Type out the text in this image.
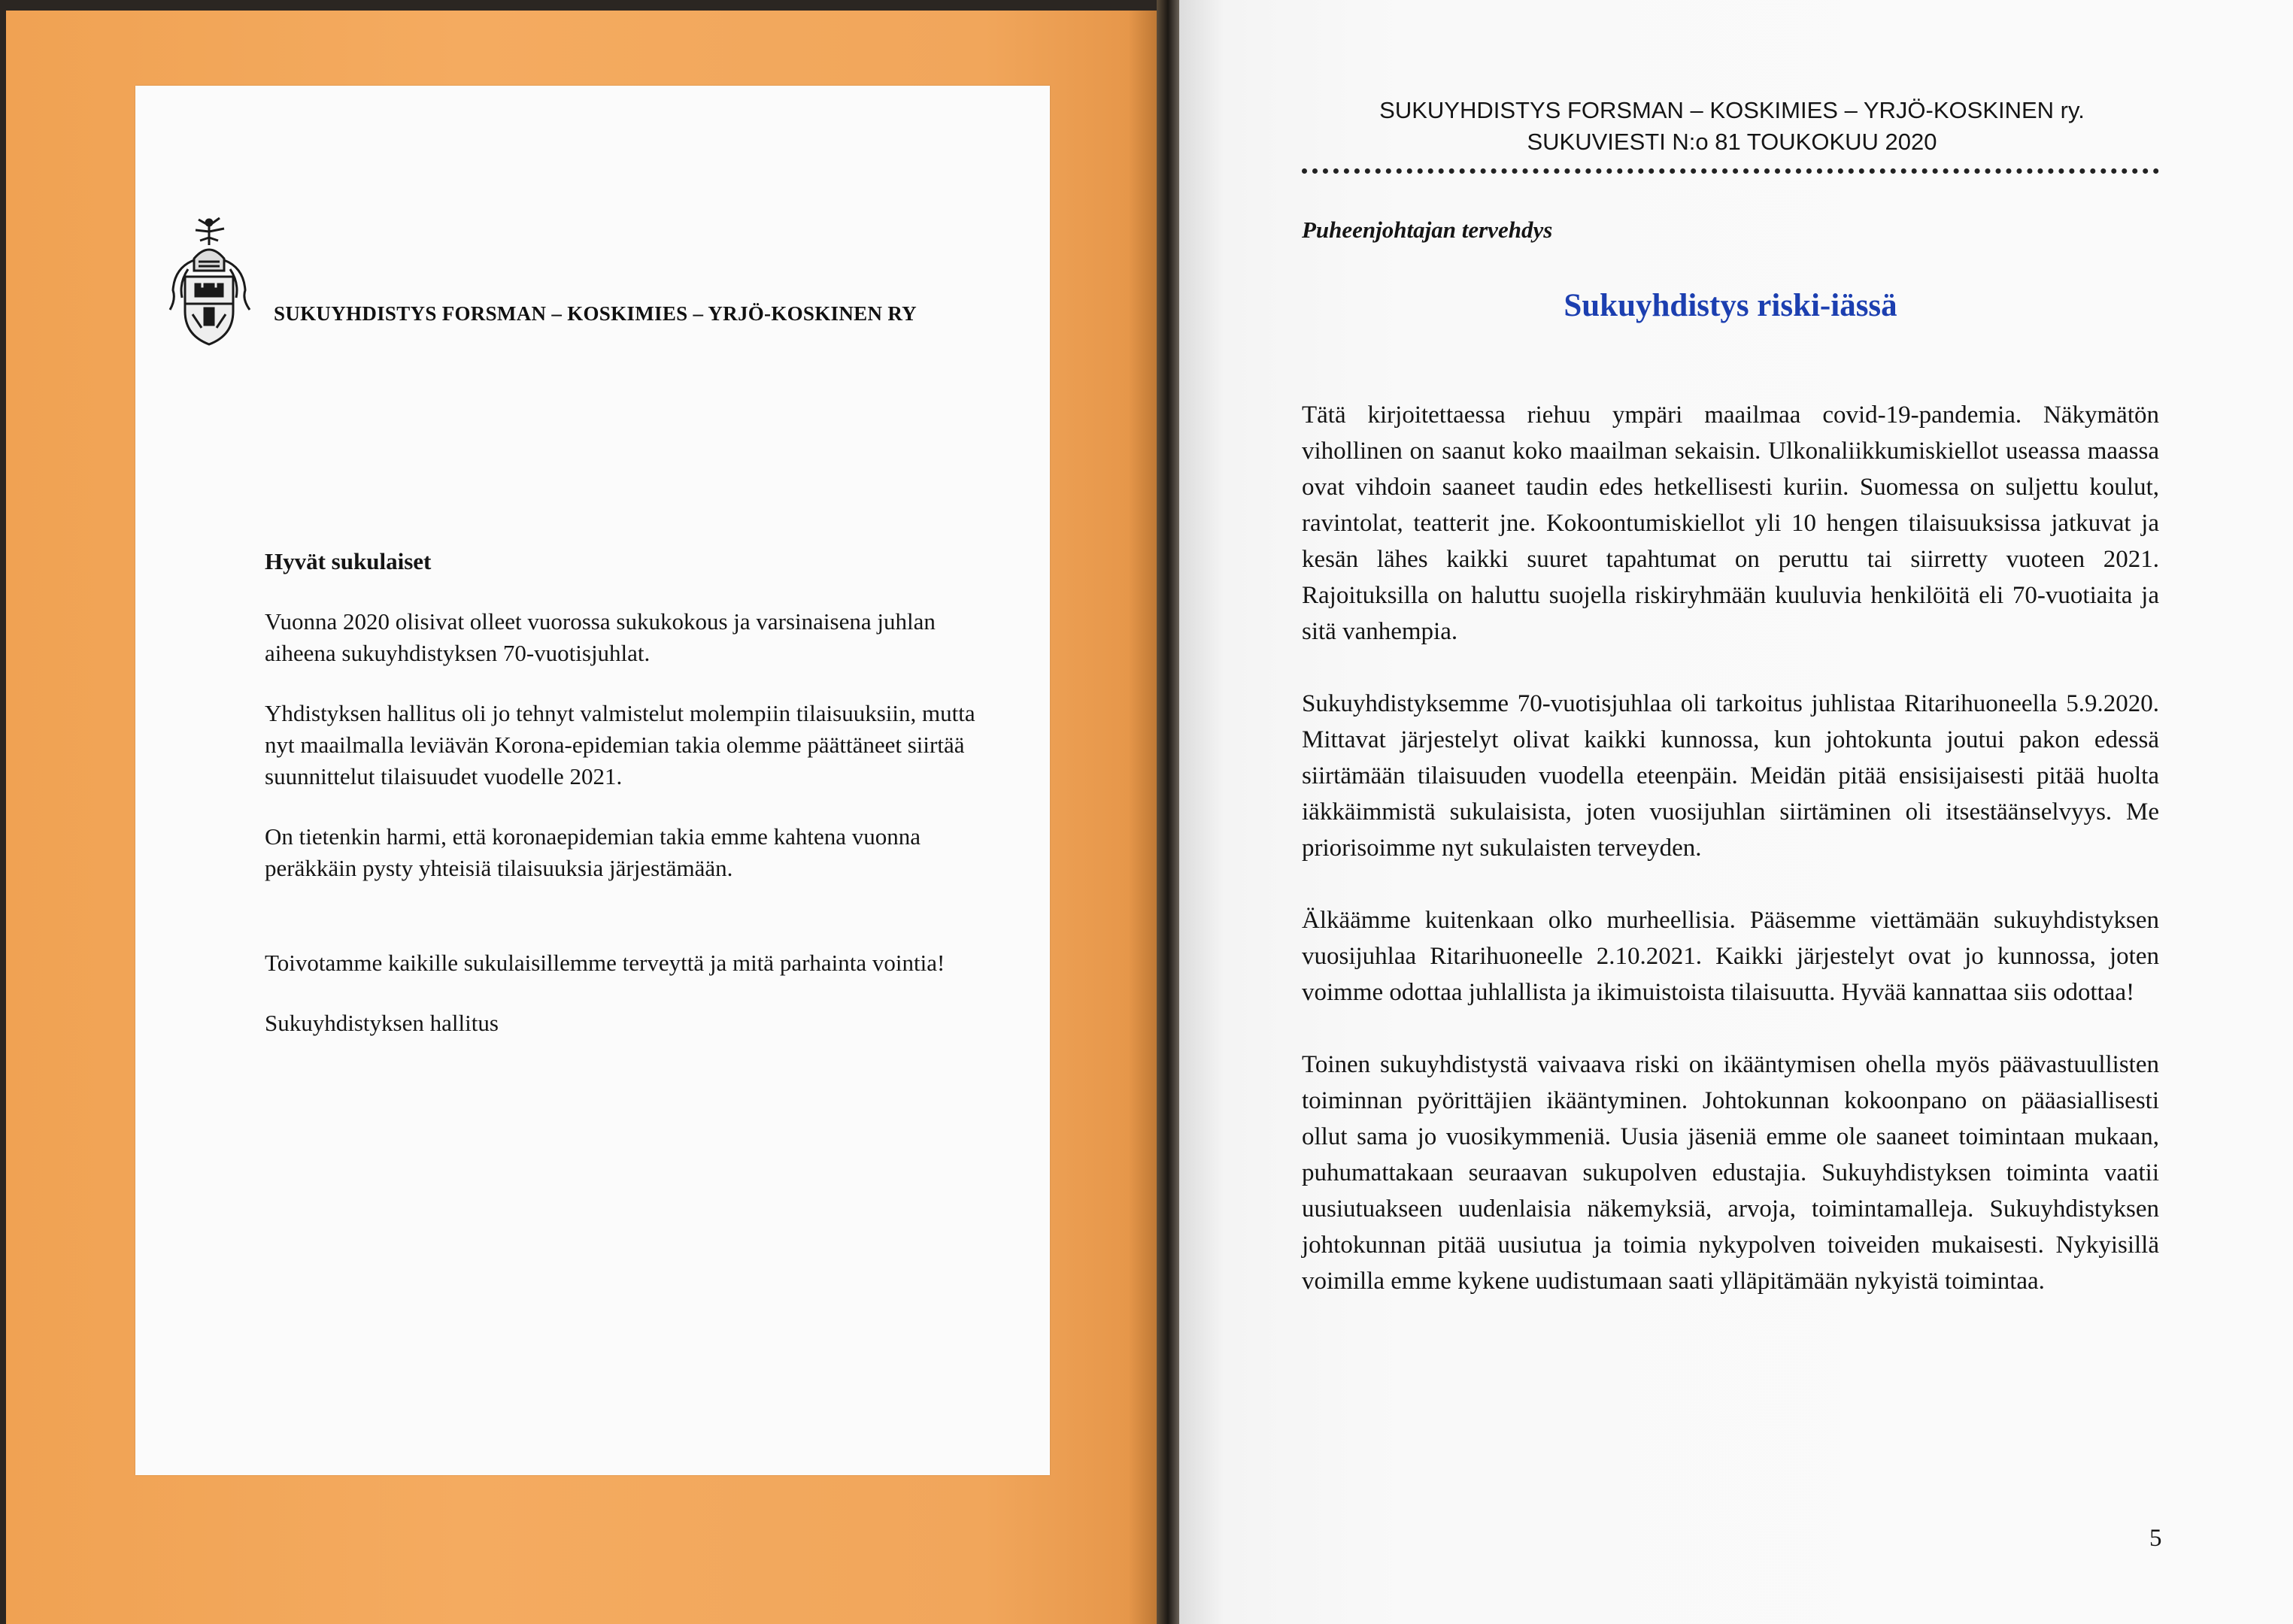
SUKUYHDISTYS FORSMAN – KOSKIMIES – YRJÖ-KOSKINEN RY

Hyvät sukulaiset

Vuonna 2020 olisivat olleet vuorossa sukukokous ja varsinaisena juhlan aiheena sukuyhdistyksen 70-vuotisjuhlat.

Yhdistyksen hallitus oli jo tehnyt valmistelut molempiin tilaisuuksiin, mutta nyt maailmalla leviävän Korona-epidemian takia olemme päättäneet siirtää suunnittelut tilaisuudet vuodelle 2021.

On tietenkin harmi, että koronaepidemian takia emme kahtena vuonna peräkkäin pysty yhteisiä tilaisuuksia järjestämään.

Toivotamme kaikille sukulaisillemme terveyttä ja mitä parhainta vointia!

Sukuyhdistyksen hallitus

SUKUYHDISTYS FORSMAN – KOSKIMIES – YRJÖ-KOSKINEN ry.
SUKUVIESTI N:o 81 TOUKOKUU 2020
Puheenjohtajan tervehdys
Sukuyhdistys riski-iässä

Tätä kirjoitettaessa riehuu ympäri maailmaa covid-19-pandemia. Näkymätön vihollinen on saanut koko maailman sekaisin. Ulkonaliikkumiskiellot useassa maassa ovat vihdoin saaneet taudin edes hetkellisesti kuriin. Suomessa on suljettu koulut, ravintolat, teatterit jne. Kokoontumiskiellot yli 10 hengen tilaisuuksissa jatkuvat ja kesän lähes kaikki suuret tapahtumat on peruttu tai siirretty vuoteen 2021. Rajoituksilla on haluttu suojella riskiryhmään kuuluvia henkilöitä eli 70-vuotiaita ja sitä vanhempia.

Sukuyhdistyksemme 70-vuotisjuhlaa oli tarkoitus juhlistaa Ritarihuoneella 5.9.2020. Mittavat järjestelyt olivat kaikki kunnossa, kun johtokunta joutui pakon edessä siirtämään tilaisuuden vuodella eteenpäin. Meidän pitää ensisijaisesti pitää huolta iäkkäimmistä sukulaisista, joten vuosijuhlan siirtäminen oli itsestäänselvyys. Me priorisoimme nyt sukulaisten terveyden.

Älkäämme kuitenkaan olko murheellisia. Pääsemme viettämään sukuyhdistyksen vuosijuhlaa Ritarihuoneelle 2.10.2021. Kaikki järjestelyt ovat jo kunnossa, joten voimme odottaa juhlallista ja ikimuistoista tilaisuutta. Hyvää kannattaa siis odottaa!

Toinen sukuyhdistystä vaivaava riski on ikääntymisen ohella myös päävastuullisten toiminnan pyörittäjien ikääntyminen. Johtokunnan kokoonpano on pääasiallisesti ollut sama jo vuosikymmeniä. Uusia jäseniä emme ole saaneet toimintaan mukaan, puhumattakaan seuraavan sukupolven edustajia. Sukuyhdistyksen toiminta vaatii uusiutuakseen uudenlaisia näkemyksiä, arvoja, toimintamalleja. Sukuyhdistyksen johtokunnan pitää uusiutua ja toimia nykypolven toiveiden mukaisesti. Nykyisillä voimilla emme kykene uudistumaan saati ylläpitämään nykyistä toimintaa.

5
